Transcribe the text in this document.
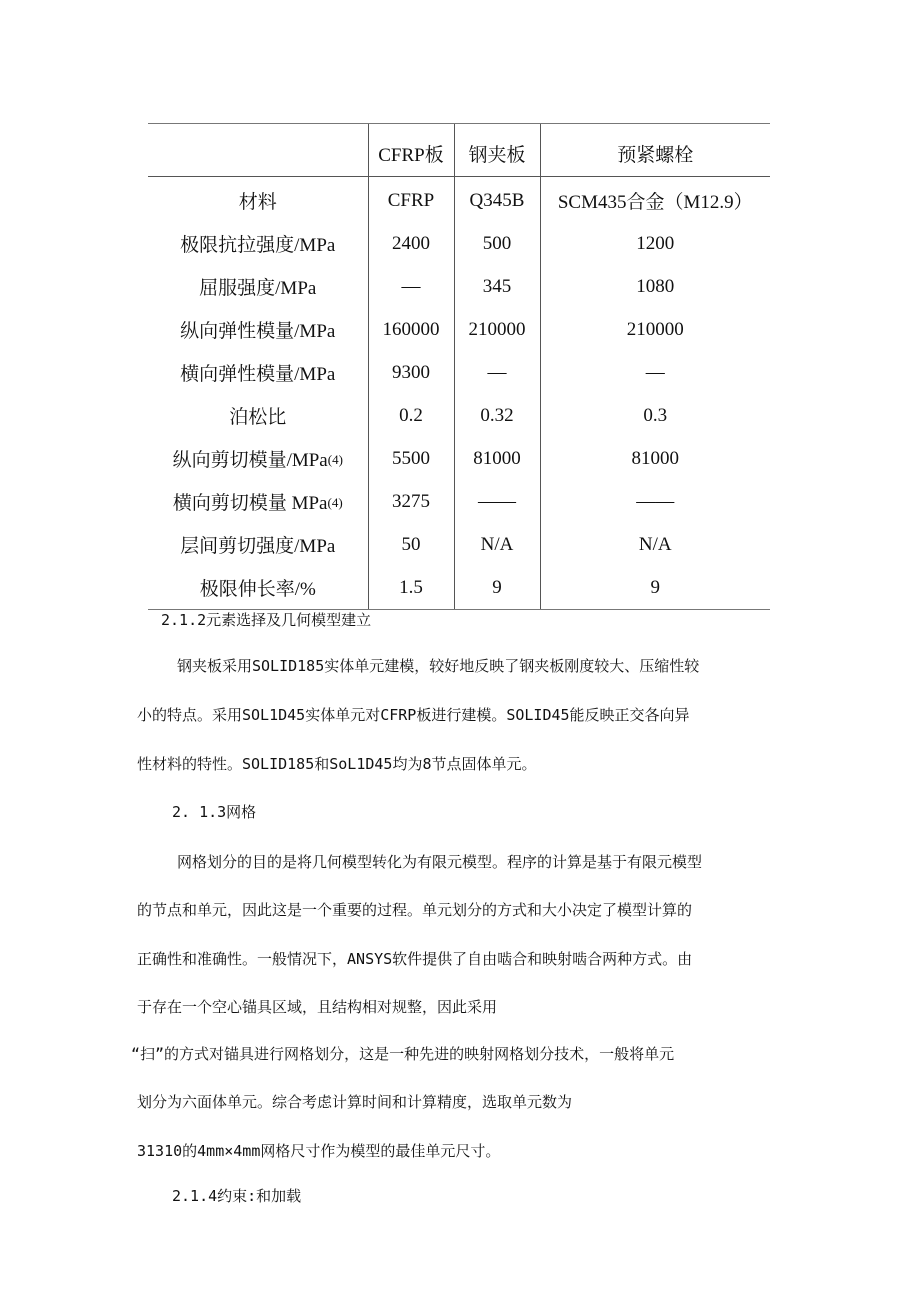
	CFRP板	钢夹板	预紧螺栓
材料	CFRP	Q345B	SCM435合金（M12.9）
极限抗拉强度/MPa	2400	500	1200
屈服强度/MPa	—	345	1080
纵向弹性模量/MPa	160000	210000	210000
横向弹性模量/MPa	9300	—	—
泊松比	0.2	0.32	0.3
纵向剪切模量/MPa(4)	5500	81000	81000
横向剪切模量 MPa(4)	3275	——	——
层间剪切强度/MPa	50	N/A	N/A
极限伸长率/%	1.5	9	9
2.1.2元素选择及几何模型建立
钢夹板采用SOLID185实体单元建模，较好地反映了钢夹板刚度较大、压缩性较
小的特点。采用SOL1D45实体单元对CFRP板进行建模。SOLID45能反映正交各向异
性材料的特性。SOLID185和SoL1D45均为8节点固体单元。
2. 1.3网格
网格划分的目的是将几何模型转化为有限元模型。程序的计算是基于有限元模型
的节点和单元，因此这是一个重要的过程。单元划分的方式和大小决定了模型计算的
正确性和准确性。一般情况下，ANSYS软件提供了自由啮合和映射啮合两种方式。由
于存在一个空心锚具区域，且结构相对规整，因此采用
“扫”的方式对锚具进行网格划分，这是一种先进的映射网格划分技术，一般将单元
划分为六面体单元。综合考虑计算时间和计算精度，选取单元数为
31310的4mm×4mm网格尺寸作为模型的最佳单元尺寸。
2.1.4约束:和加载
